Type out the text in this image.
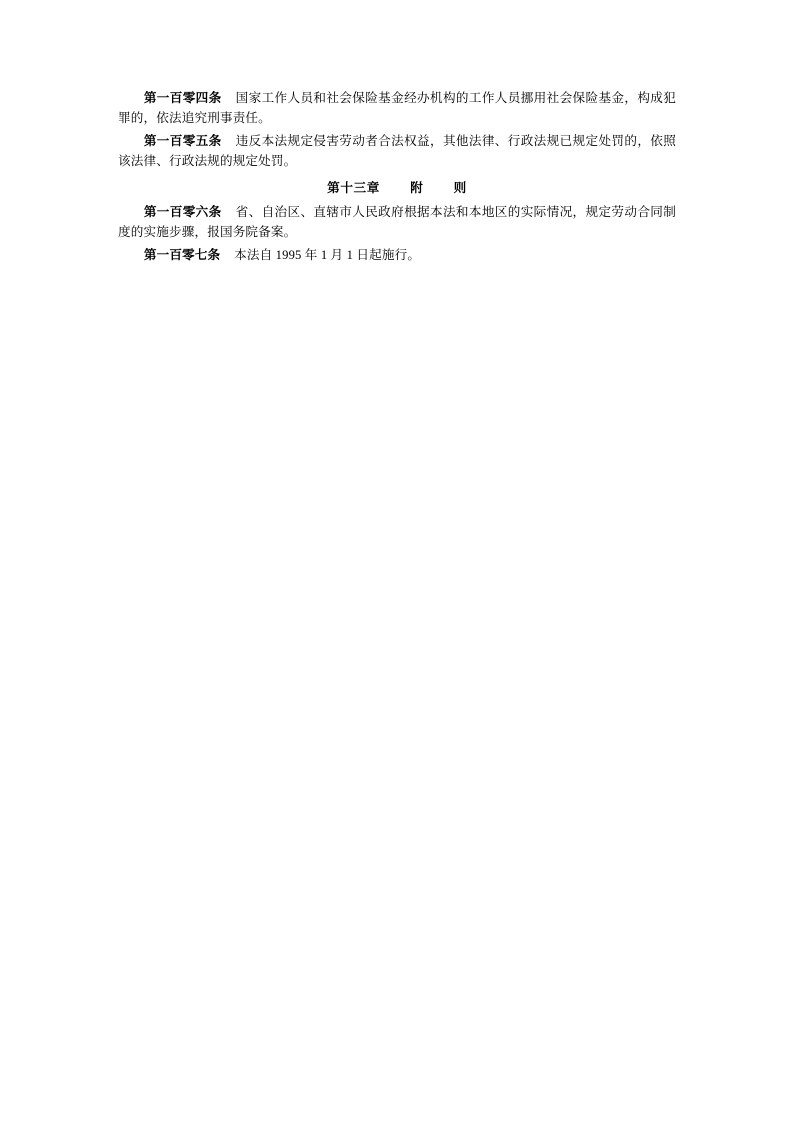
第一百零四条 国家工作人员和社会保险基金经办机构的工作人员挪用社会保险基金，构成犯罪的，依法追究刑事责任。

第一百零五条 违反本法规定侵害劳动者合法权益，其他法律、行政法规已规定处罚的，依照该法律、行政法规的规定处罚。

第十三章 附 则

第一百零六条 省、自治区、直辖市人民政府根据本法和本地区的实际情况，规定劳动合同制度的实施步骤，报国务院备案。

第一百零七条 本法自 1995 年 1 月 1 日起施行。
